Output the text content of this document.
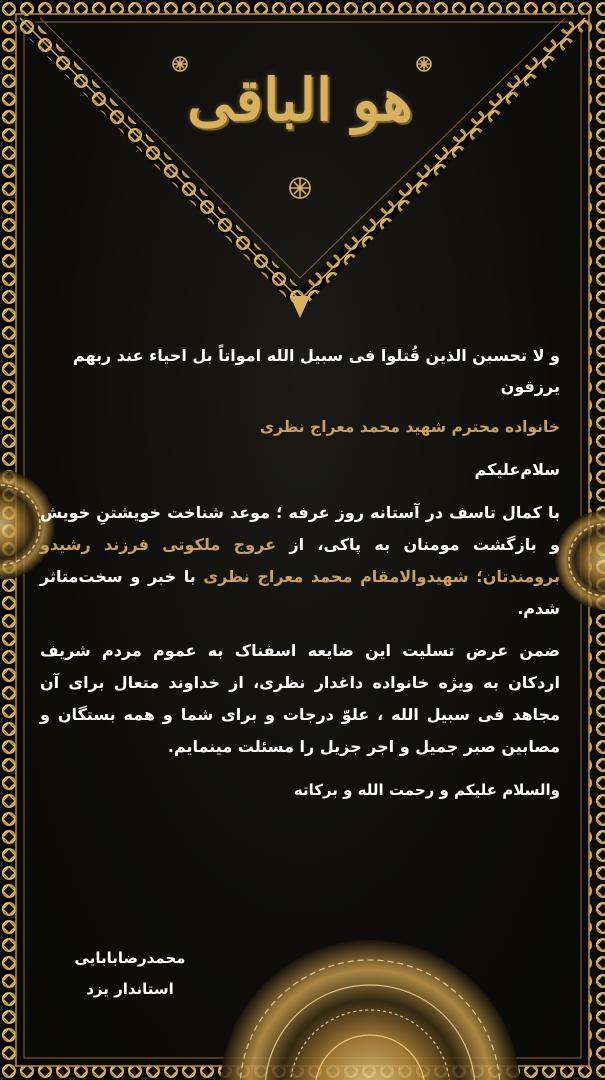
هو الباقی

و لا تحسبن الذین قُتلوا فی سبیل الله امواتاً بل احیاء عند ربهم یرزقون

خانواده محترم شهید محمد معراج نظری

سلام‌علیکم

با کمال تاسف در آستانه روز عرفه ؛ موعد شناخت خویشتنِ خویش و بازگشت مومنان به پاکی، از عروج ملکوتی فرزند رشیدو برومندتان؛ شهیدوالامقام محمد معراج نظری با خبر و سخت‌متاثر شدم.

ضمن عرض تسلیت این ضایعه اسفناک به عموم مردم شریف اردکان به ویژه خانواده داغدار نظری، از خداوند متعال برای آن مجاهد فی سبیل الله ، علوّ درجات و برای شما و همه بستگان و مصابین صبر جمیل و اجر جزیل را مسئلت مینمایم.

والسلام علیکم و رحمت الله و برکاته

محمدرضابابایی
استاندار یزد
